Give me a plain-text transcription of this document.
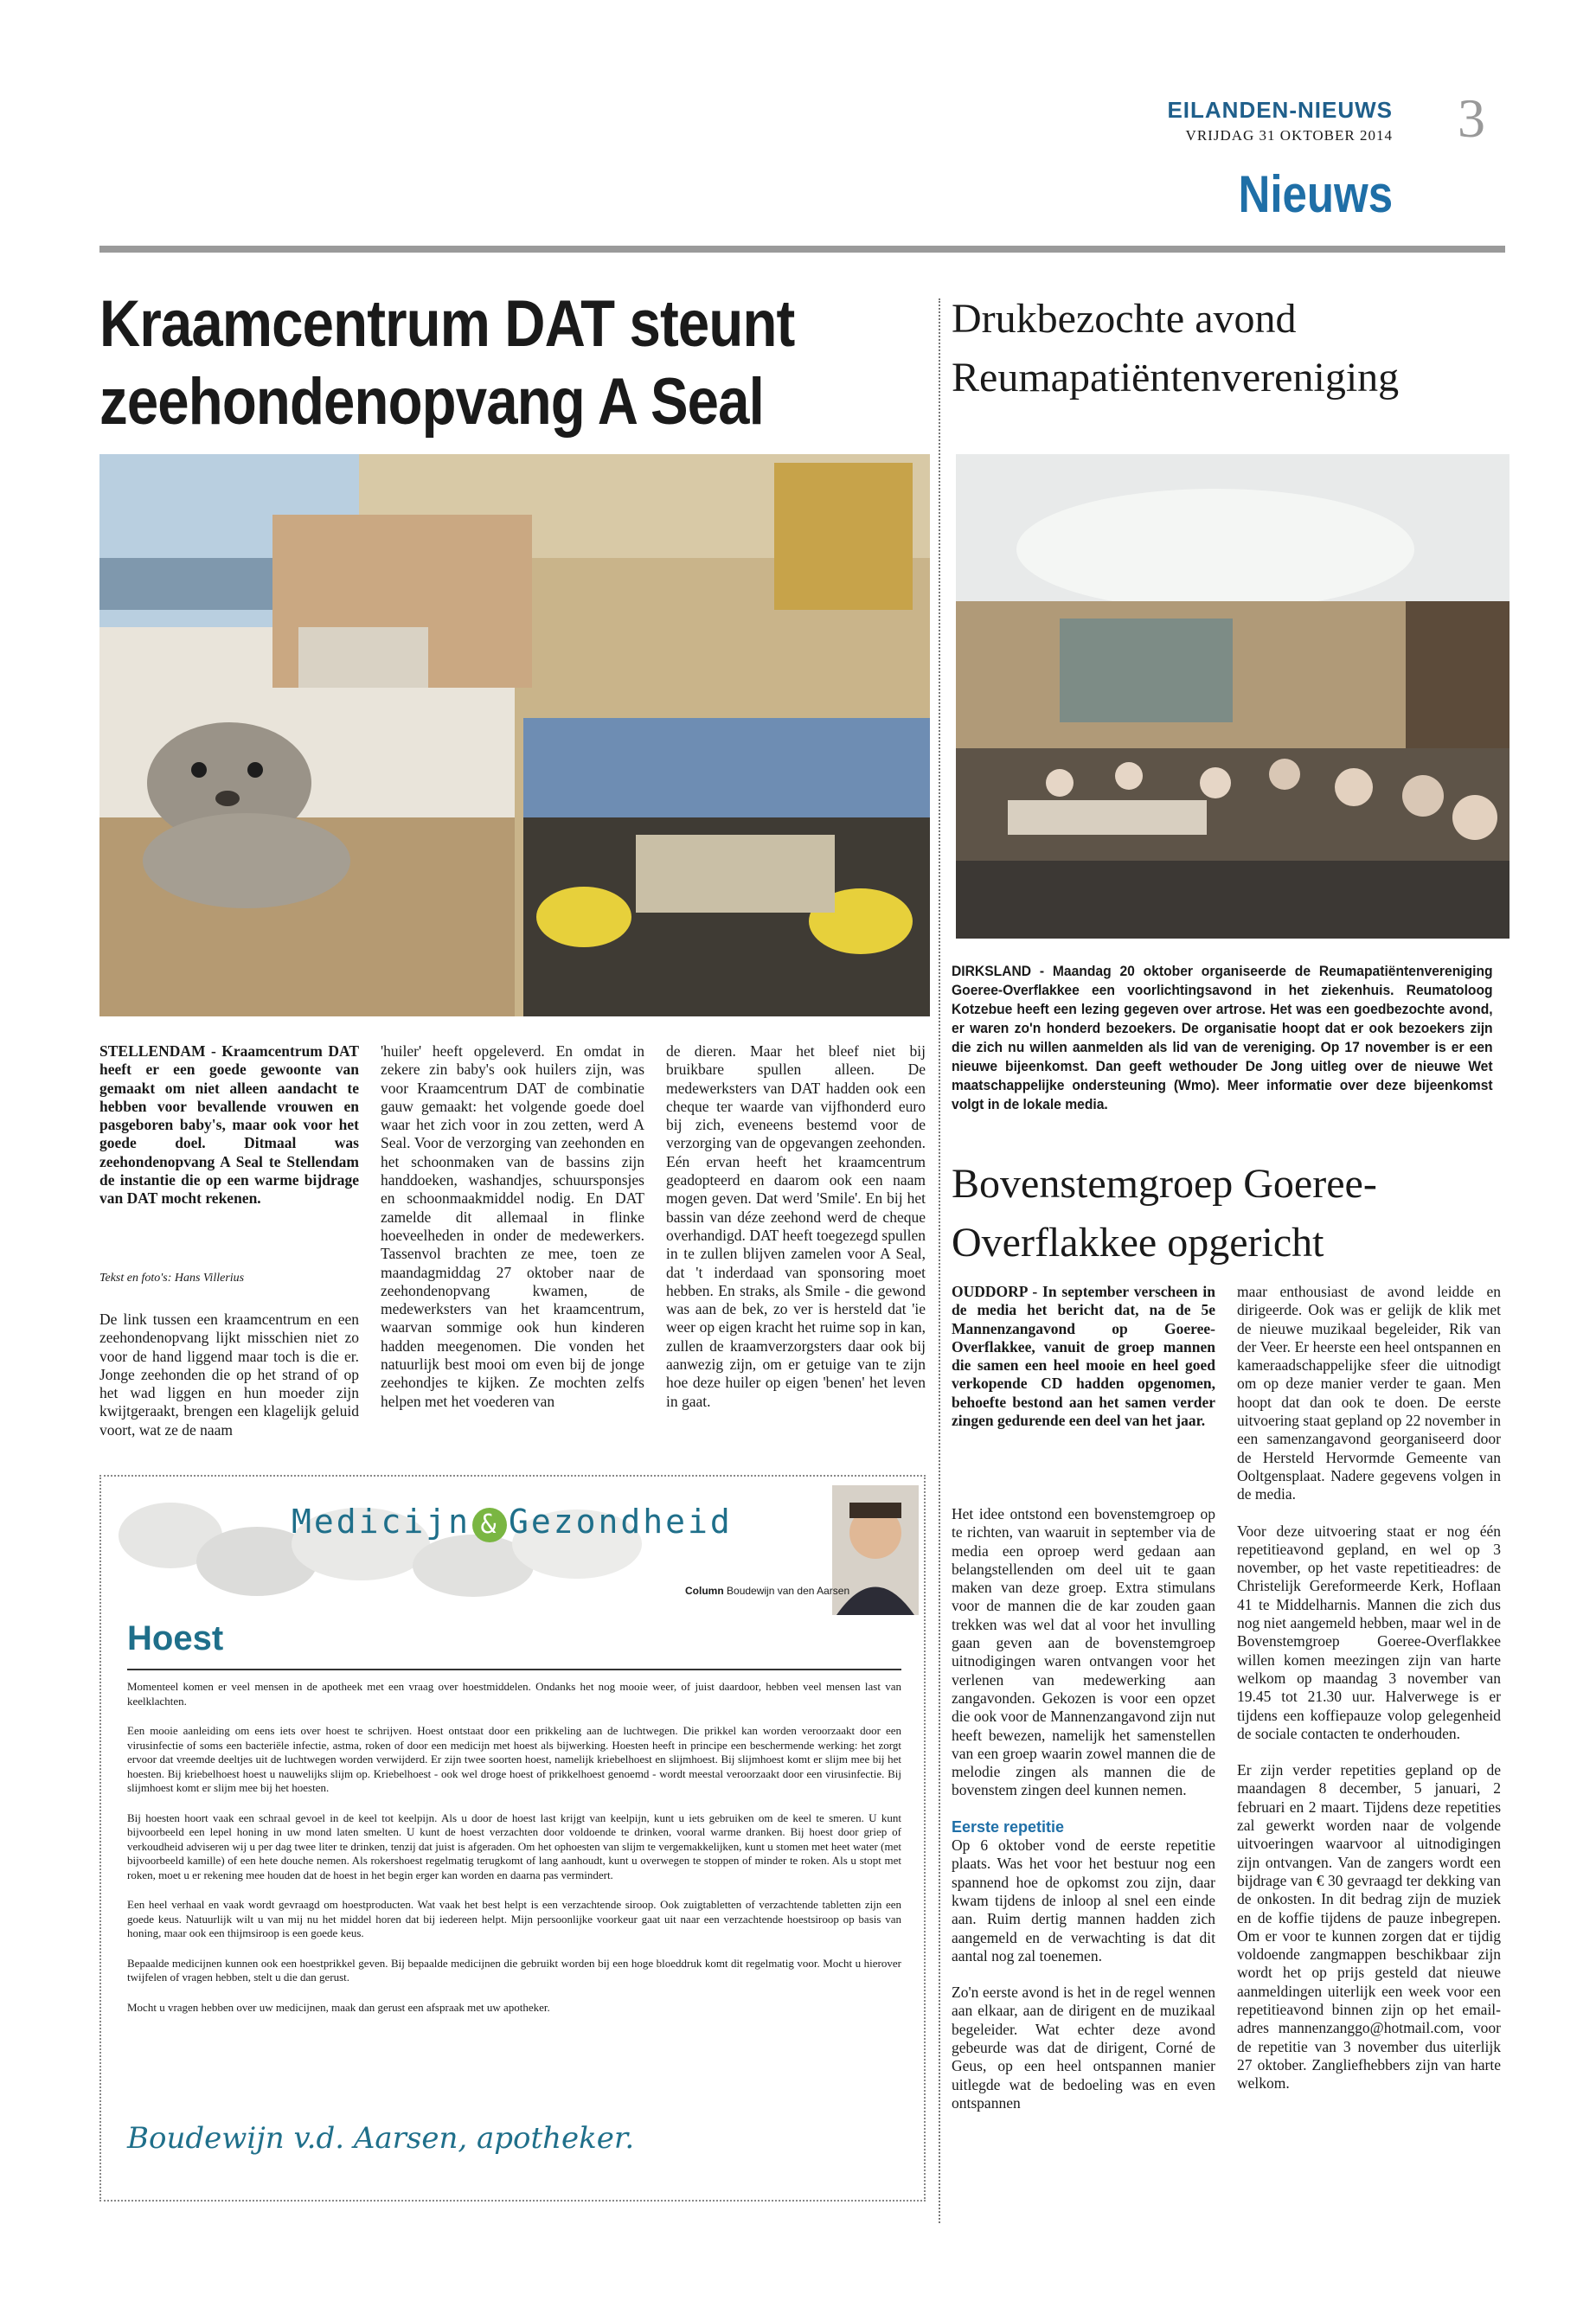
EILANDEN-NIEUWS
VRIJDAG 31 OKTOBER 2014 3
Nieuws
Kraamcentrum DAT steunt zeehondenopvang A Seal
STELLENDAM - Kraamcentrum DAT heeft er een goede gewoonte van gemaakt om niet alleen aandacht te hebben voor bevallende vrouwen en pasgeboren baby's, maar ook voor het goede doel. Ditmaal was zeehondenopvang A Seal te Stellendam de instantie die op een warme bijdrage van DAT mocht rekenen.
Tekst en foto's: Hans Villerius
De link tussen een kraamcentrum en een zeehondenopvang lijkt misschien niet zo voor de hand liggend maar toch is die er. Jonge zeehonden die op het strand of op het wad liggen en hun moeder zijn kwijtgeraakt, brengen een klagelijk geluid voort, wat ze de naam
'huiler' heeft opgeleverd. En omdat in zekere zin baby's ook huilers zijn, was voor Kraamcentrum DAT de combinatie gauw gemaakt: het volgende goede doel waar het zich voor in zou zetten, werd A Seal. Voor de verzorging van zeehonden en het schoonmaken van de bassins zijn handdoeken, washandjes, schuursponsjes en schoonmaakmiddel nodig. En DAT zamelde dit allemaal in flinke hoeveelheden in onder de medewerkers. Tassenvol brachten ze mee, toen ze maandagmiddag 27 oktober naar de zeehondenopvang kwamen, de medewerksters van het kraamcentrum, waarvan sommige ook hun kinderen hadden meegenomen. Die vonden het natuurlijk best mooi om even bij de jonge zeehondjes te kijken. Ze mochten zelfs helpen met het voederen van
de dieren. Maar het bleef niet bij bruikbare spullen alleen. De medewerksters van DAT hadden ook een cheque ter waarde van vijfhonderd euro bij zich, eveneens bestemd voor de verzorging van de opgevangen zeehonden. Eén ervan heeft het kraamcentrum geadopteerd en daarom ook een naam mogen geven. Dat werd 'Smile'. En bij het bassin van déze zeehond werd de cheque overhandigd. DAT heeft toegezegd spullen in te zullen blijven zamelen voor A Seal, dat 't inderdaad van sponsoring moet hebben. En straks, als Smile - die gewond was aan de bek, zo ver is hersteld dat 'ie weer op eigen kracht het ruime sop in kan, zullen de kraamverzorgsters daar ook bij aanwezig zijn, om er getuige van te zijn hoe deze huiler op eigen 'benen' het leven in gaat.
Drukbezochte avond
Reumapatiëntenvereniging
DIRKSLAND - Maandag 20 oktober organiseerde de Reumapatiëntenvereniging Goeree-Overflakkee een voorlichtingsavond in het ziekenhuis. Reumatoloog Kotzebue heeft een lezing gegeven over artrose. Het was een goedbezochte avond, er waren zo'n honderd bezoekers. De organisatie hoopt dat er ook bezoekers zijn die zich nu willen aanmelden als lid van de vereniging. Op 17 november is er een nieuwe bijeenkomst. Dan geeft wethouder De Jong uitleg over de nieuwe Wet maatschappelijke ondersteuning (Wmo). Meer informatie over deze bijeenkomst volgt in de lokale media.
Bovenstemgroep Goeree-
Overflakkee opgericht
OUDDORP - In september verscheen in de media het bericht dat, na de 5e Mannenzangavond op Goeree-Overflakkee, vanuit de groep mannen die samen een heel mooie en heel goed verkopende CD hadden opgenomen, behoefte bestond aan het samen verder zingen gedurende een deel van het jaar.

Het idee ontstond een bovenstemgroep op te richten, van waaruit in september via de media een oproep werd gedaan aan belangstellenden om deel uit te gaan maken van deze groep. Extra stimulans voor de mannen die de kar zouden gaan trekken was wel dat al voor het invulling gaan geven aan de bovenstemgroep uitnodigingen waren ontvangen voor het verlenen van medewerking aan zangavonden. Gekozen is voor een opzet die ook voor de Mannenzangavond zijn nut heeft bewezen, namelijk het samenstellen van een groep waarin zowel mannen die de melodie zingen als mannen die de bovenstem zingen deel kunnen nemen.

Eerste repetitie

Op 6 oktober vond de eerste repetitie plaats. Was het voor het bestuur nog een spannend hoe de opkomst zou zijn, daar kwam tijdens de inloop al snel een einde aan. Ruim dertig mannen hadden zich aangemeld en de verwachting is dat dit aantal nog zal toenemen.

Zo'n eerste avond is het in de regel wennen aan elkaar, aan de dirigent en de muzikaal begeleider. Wat echter deze avond gebeurde was dat de dirigent, Corné de Geus, op een heel ontspannen manier uitlegde wat de bedoeling was en even ontspannen

maar enthousiast de avond leidde en dirigeerde. Ook was er gelijk de klik met de nieuwe muzikaal begeleider, Rik van der Veer. Er heerste een heel ontspannen en kameraadschappelijke sfeer die uitnodigt om op deze manier verder te gaan. Men hoopt dat dan ook te doen. De eerste uitvoering staat gepland op 22 november in een samenzangavond georganiseerd door de Hersteld Hervormde Gemeente van Ooltgensplaat. Nadere gegevens volgen in de media.

Voor deze uitvoering staat er nog één repetitieavond gepland, en wel op 3 november, op het vaste repetitieadres: de Christelijk Gereformeerde Kerk, Hoflaan 41 te Middelharnis. Mannen die zich dus nog niet aangemeld hebben, maar wel in de Bovenstemgroep Goeree-Overflakkee willen komen meezingen zijn van harte welkom op maandag 3 november van 19.45 tot 21.30 uur. Halverwege is er tijdens een koffiepauze volop gelegenheid de sociale contacten te onderhouden.

Er zijn verder repetities gepland op de maandagen 8 december, 5 januari, 2 februari en 2 maart. Tijdens deze repetities zal gewerkt worden naar de volgende uitvoeringen waarvoor al uitnodigingen zijn ontvangen. Van de zangers wordt een bijdrage van € 30 gevraagd ter dekking van de onkosten. In dit bedrag zijn de muziek en de koffie tijdens de pauze inbegrepen. Om er voor te kunnen zorgen dat er tijdig voldoende zangmappen beschikbaar zijn wordt het op prijs gesteld dat nieuwe aanmeldingen uiterlijk een week voor een repetitieavond binnen zijn op het email-adres mannenzanggo@hotmail.com, voor de repetitie van 3 november dus uiterlijk 27 oktober. Zangliefhebbers zijn van harte welkom.

Medicijn & Gezondheid
Column Boudewijn van den Aarsen
Hoest

Momenteel komen er veel mensen in de apotheek met een vraag over hoestmiddelen. Ondanks het nog mooie weer, of juist daardoor, hebben veel mensen last van keelklachten.

Een mooie aanleiding om eens iets over hoest te schrijven. Hoest ontstaat door een prikkeling aan de luchtwegen. Die prikkel kan worden veroorzaakt door een virusinfectie of soms een bacteriële infectie, astma, roken of door een medicijn met hoest als bijwerking. Hoesten heeft in principe een beschermende werking: het zorgt ervoor dat vreemde deeltjes uit de luchtwegen worden verwijderd. Er zijn twee soorten hoest, namelijk kriebelhoest en slijmhoest. Bij slijmhoest komt er slijm mee bij het hoesten. Bij kriebelhoest hoest u nauwelijks slijm op. Kriebelhoest - ook wel droge hoest of prikkelhoest genoemd - wordt meestal veroorzaakt door een virusinfectie. Bij slijmhoest komt er slijm mee bij het hoesten.

Bij hoesten hoort vaak een schraal gevoel in de keel tot keelpijn. Als u door de hoest last krijgt van keelpijn, kunt u iets gebruiken om de keel te smeren. U kunt bijvoorbeeld een lepel honing in uw mond laten smelten. U kunt de hoest verzachten door voldoende te drinken, vooral warme dranken. Bij hoest door griep of verkoudheid adviseren wij u per dag twee liter te drinken, tenzij dat juist is afgeraden. Om het ophoesten van slijm te vergemakkelijken, kunt u stomen met heet water (met bijvoorbeeld kamille) of een hete douche nemen. Als rokershoest regelmatig terugkomt of lang aanhoudt, kunt u overwegen te stoppen of minder te roken. Als u stopt met roken, moet u er rekening mee houden dat de hoest in het begin erger kan worden en daarna pas vermindert.

Een heel verhaal en vaak wordt gevraagd om hoestproducten. Wat vaak het best helpt is een verzachtende siroop. Ook zuigtabletten of verzachtende tabletten zijn een goede keus. Natuurlijk wilt u van mij nu het middel horen dat bij iedereen helpt. Mijn persoonlijke voorkeur gaat uit naar een verzachtende hoestsiroop op basis van honing, maar ook een thijmsiroop is een goede keus.

Bepaalde medicijnen kunnen ook een hoestprikkel geven. Bij bepaalde medicijnen die gebruikt worden bij een hoge bloeddruk komt dit regelmatig voor. Mocht u hierover twijfelen of vragen hebben, stelt u die dan gerust.

Mocht u vragen hebben over uw medicijnen, maak dan gerust een afspraak met uw apotheker.

Boudewijn v.d. Aarsen, apotheker.
